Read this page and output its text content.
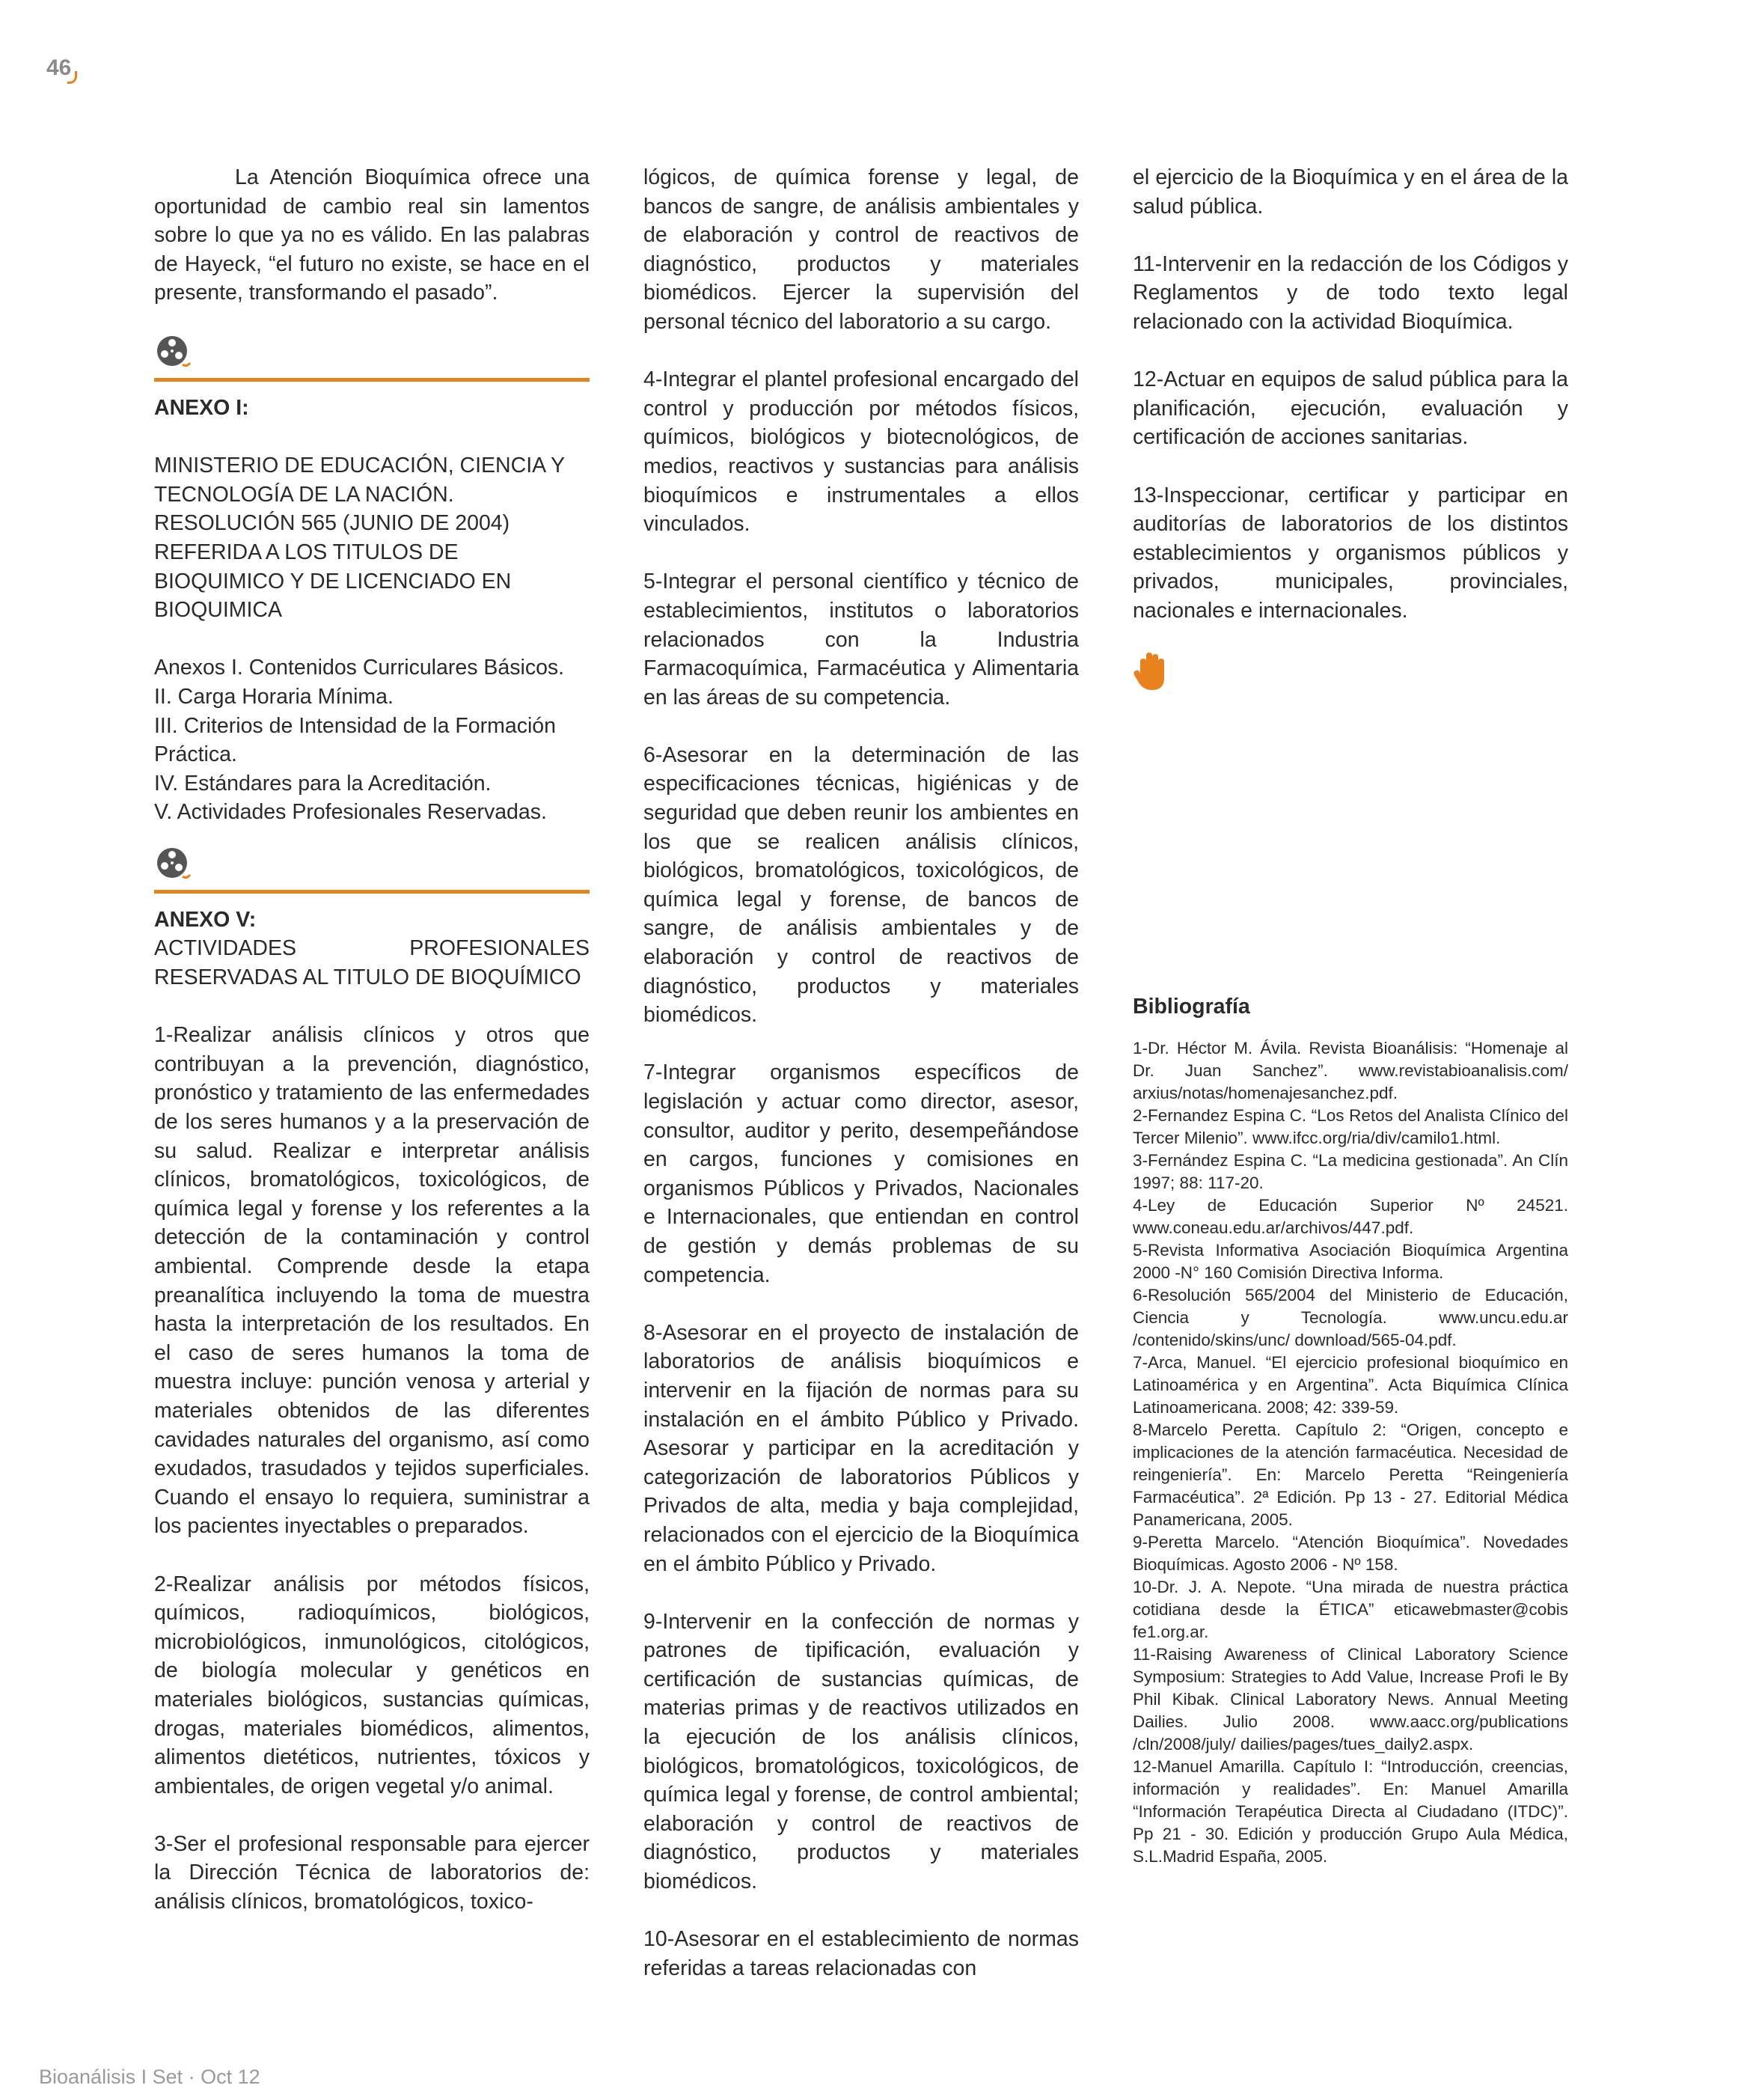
46

La Atención Bioquímica ofrece una oportunidad de cambio real sin lamentos sobre lo que ya no es válido. En las palabras de Hayeck, “el futuro no existe, se hace en el presente, transformando el pasado”.

ANEXO I:

MINISTERIO DE EDUCACIÓN, CIENCIA Y TECNOLOGÍA DE LA NACIÓN. RESOLUCIÓN 565 (JUNIO DE 2004) REFERIDA A LOS TITULOS DE BIOQUIMICO Y DE LICENCIADO EN BIOQUIMICA

Anexos I. Contenidos Curriculares Básicos.

II. Carga Horaria Mínima.

III. Criterios de Intensidad de la Formación Práctica.

IV. Estándares para la Acreditación.

V. Actividades Profesionales Reservadas.

ANEXO V:

ACTIVIDADES PROFESIONALES RESERVADAS AL TITULO DE BIOQUÍMICO

1-Realizar análisis clínicos y otros que contribuyan a la prevención, diagnóstico, pronóstico y tratamiento de las enfermedades de los seres humanos y a la preservación de su salud. Realizar e interpretar análisis clínicos, bromatológicos, toxicológicos, de química legal y forense y los referentes a la detección de la contaminación y control ambiental. Comprende desde la etapa preanalítica incluyendo la toma de muestra hasta la interpretación de los resultados. En el caso de seres humanos la toma de muestra incluye: punción venosa y arterial y materiales obtenidos de las diferentes cavidades naturales del organismo, así como exudados, trasudados y tejidos superficiales. Cuando el ensayo lo requiera, suministrar a los pacientes inyectables o preparados.

2-Realizar análisis por métodos físicos, químicos, radioquímicos, biológicos, microbiológicos, inmunológicos, citológicos, de biología molecular y genéticos en materiales biológicos, sustancias químicas, drogas, materiales biomédicos, alimentos, alimentos dietéticos, nutrientes, tóxicos y ambientales, de origen vegetal y/o animal.

3-Ser el profesional responsable para ejercer la Dirección Técnica de laboratorios de: análisis clínicos, bromatológicos, toxico-

lógicos, de química forense y legal, de bancos de sangre, de análisis ambientales y de elaboración y control de reactivos de diagnóstico, productos y materiales biomédicos. Ejercer la supervisión del personal técnico del laboratorio a su cargo.

4-Integrar el plantel profesional encargado del control y producción por métodos físicos, químicos, biológicos y biotecnológicos, de medios, reactivos y sustancias para análisis bioquímicos e instrumentales a ellos vinculados.

5-Integrar el personal científico y técnico de establecimientos, institutos o laboratorios relacionados con la Industria Farmacoquímica, Farmacéutica y Alimentaria en las áreas de su competencia.

6-Asesorar en la determinación de las especificaciones técnicas, higiénicas y de seguridad que deben reunir los ambientes en los que se realicen análisis clínicos, biológicos, bromatológicos, toxicológicos, de química legal y forense, de bancos de sangre, de análisis ambientales y de elaboración y control de reactivos de diagnóstico, productos y materiales biomédicos.

7-Integrar organismos específicos de legislación y actuar como director, asesor, consultor, auditor y perito, desempeñándose en cargos, funciones y comisiones en organismos Públicos y Privados, Nacionales e Internacionales, que entiendan en control de gestión y demás problemas de su competencia.

8-Asesorar en el proyecto de instalación de laboratorios de análisis bioquímicos e intervenir en la fijación de normas para su instalación en el ámbito Público y Privado. Asesorar y participar en la acreditación y categorización de laboratorios Públicos y Privados de alta, media y baja complejidad, relacionados con el ejercicio de la Bioquímica en el ámbito Público y Privado.

9-Intervenir en la confección de normas y patrones de tipificación, evaluación y certificación de sustancias químicas, de materias primas y de reactivos utilizados en la ejecución de los análisis clínicos, biológicos, bromatológicos, toxicológicos, de química legal y forense, de control ambiental; elaboración y control de reactivos de diagnóstico, productos y materiales biomédicos.

10-Asesorar en el establecimiento de normas referidas a tareas relacionadas con

el ejercicio de la Bioquímica y en el área de la salud pública.

11-Intervenir en la redacción de los Códigos y Reglamentos y de todo texto legal relacionado con la actividad Bioquímica.

12-Actuar en equipos de salud pública para la planificación, ejecución, evaluación y certificación de acciones sanitarias.

13-Inspeccionar, certificar y participar en auditorías de laboratorios de los distintos establecimientos y organismos públicos y privados, municipales, provinciales, nacionales e internacionales.

Bibliografía

1-Dr. Héctor M. Ávila. Revista Bioanálisis: “Homenaje al Dr. Juan Sanchez”. www.revistabioanalisis.com/ arxius/notas/homenajesanchez.pdf.

2-Fernandez Espina C. “Los Retos del Analista Clínico del Tercer Milenio”. www.ifcc.org/ria/div/camilo1.html.

3-Fernández Espina C. “La medicina gestionada”. An Clín 1997; 88: 117-20.

4-Ley de Educación Superior Nº 24521. www.coneau.edu.ar/archivos/447.pdf.

5-Revista Informativa Asociación Bioquímica Argentina 2000 -N° 160 Comisión Directiva Informa.

6-Resolución 565/2004 del Ministerio de Educación, Ciencia y Tecnología. www.uncu.edu.ar /contenido/skins/unc/ download/565-04.pdf.

7-Arca, Manuel. “El ejercicio profesional bioquímico en Latinoamérica y en Argentina”. Acta Biquímica Clínica Latinoamericana. 2008; 42: 339-59.

8-Marcelo Peretta. Capítulo 2: “Origen, concepto e implicaciones de la atención farmacéutica. Necesidad de reingeniería”. En: Marcelo Peretta “Reingeniería Farmacéutica”. 2ª Edición. Pp 13 - 27. Editorial Médica Panamericana, 2005.

9-Peretta Marcelo. “Atención Bioquímica”. Novedades Bioquímicas. Agosto 2006 - Nº 158.

10-Dr. J. A. Nepote. “Una mirada de nuestra práctica cotidiana desde la ÉTICA” eticawebmaster@cobis fe1.org.ar.

11-Raising Awareness of Clinical Laboratory Science Symposium: Strategies to Add Value, Increase Profi le By Phil Kibak. Clinical Laboratory News. Annual Meeting Dailies. Julio 2008. www.aacc.org/publications /cln/2008/july/ dailies/pages/tues_daily2.aspx.

12-Manuel Amarilla. Capítulo I: “Introducción, creencias, información y realidades”. En: Manuel Amarilla “Información Terapéutica Directa al Ciudadano (ITDC)”. Pp 21 - 30. Edición y producción Grupo Aula Médica, S.L.Madrid España, 2005.

Bioanálisis I Set · Oct 12
